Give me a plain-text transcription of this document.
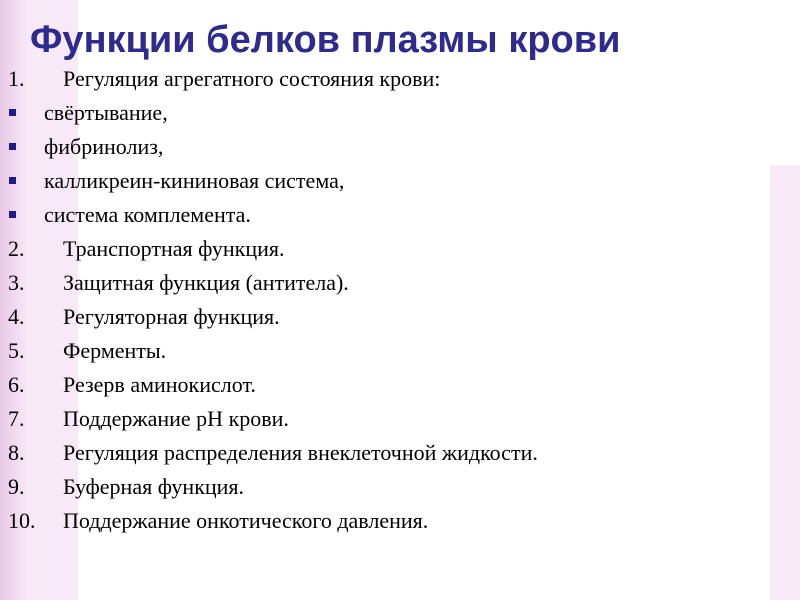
Функции белков плазмы крови
1.	Регуляция агрегатного состояния крови:
свёртывание,
фибринолиз,
калликреин-кининовая система,
система комплемента.
2.	Транспортная функция.
3.	Защитная функция (антитела).
4.	Регуляторная функция.
5.	Ферменты.
6.	Резерв аминокислот.
7.	Поддержание pH крови.
8.	Регуляция распределения внеклеточной жидкости.
9.	Буферная функция.
10.	Поддержание онкотического давления.
